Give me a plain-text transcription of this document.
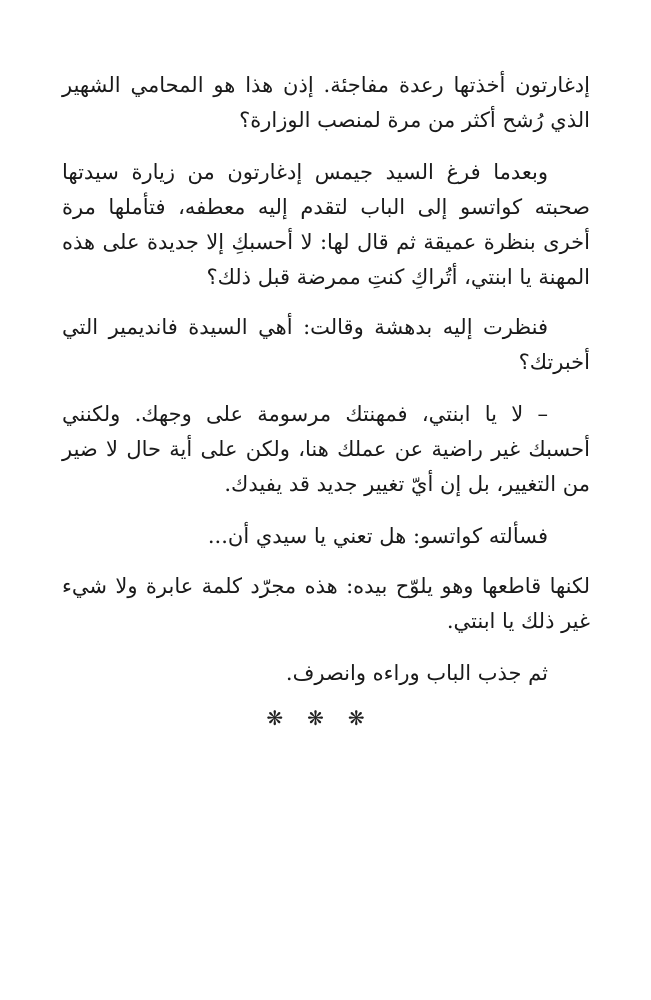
إدغارتون أخذتها رعدة مفاجئة. إذن هذا هو المحامي الشهير الذي رُشح أكثر من مرة لمنصب الوزارة؟

وبعدما فرغ السيد جيمس إدغارتون من زيارة سيدتها صحبته كواتسو إلى الباب لتقدم إليه معطفه، فتأملها مرة أخرى بنظرة عميقة ثم قال لها: لا أحسبكِ إلا جديدة على هذه المهنة يا ابنتي، أتُراكِ كنتِ ممرضة قبل ذلك؟

فنظرت إليه بدهشة وقالت: أهي السيدة فانديمير التي أخبرتك؟

– لا يا ابنتي، فمهنتك مرسومة على وجهك. ولكنني أحسبك غير راضية عن عملك هنا، ولكن على أية حال لا ضير من التغيير، بل إن أيّ تغيير جديد قد يفيدك.

فسألته كواتسو: هل تعني يا سيدي أن...

لكنها قاطعها وهو يلوّح بيده: هذه مجرّد كلمة عابرة ولا شيء غير ذلك يا ابنتي.

ثم جذب الباب وراءه وانصرف.

❋ ❋ ❋
